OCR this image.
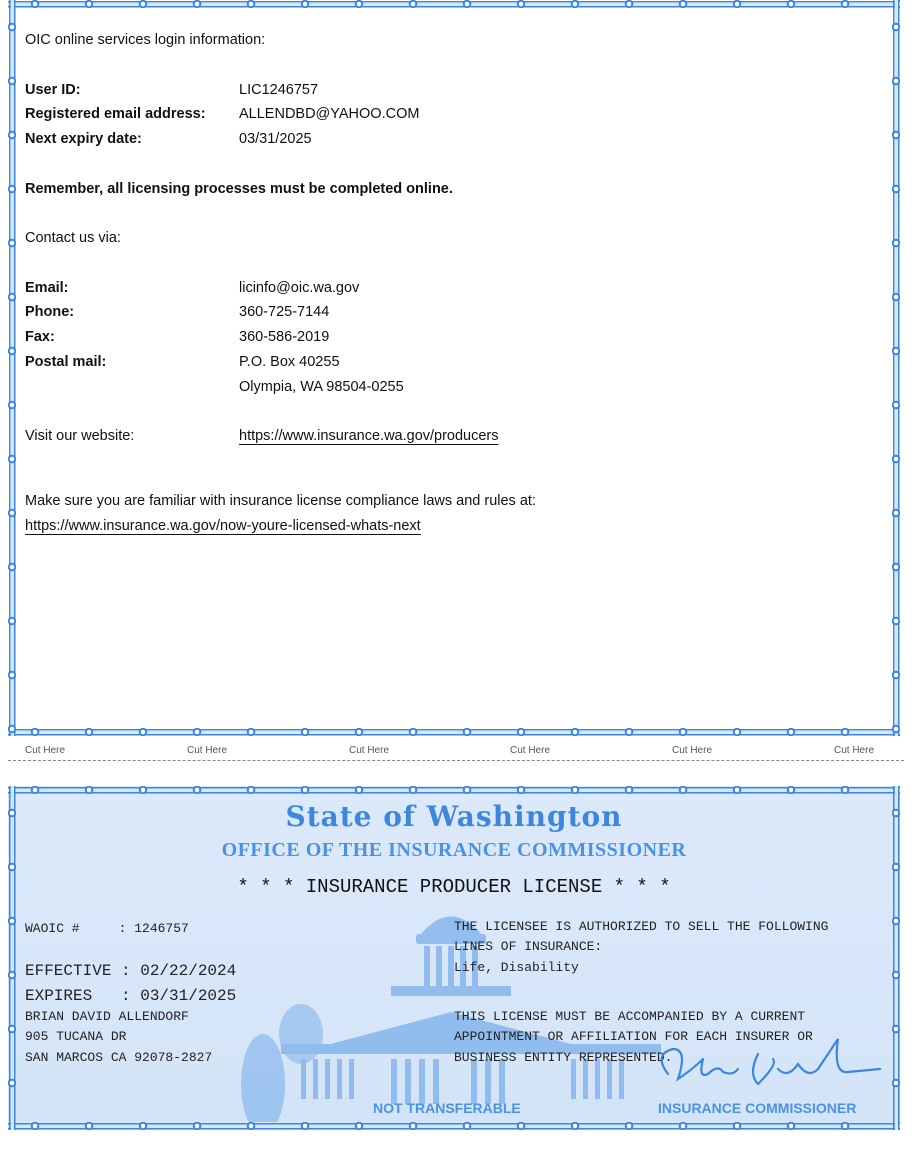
OIC online services login information:
User ID:	LIC1246757
Registered email address: ALLENDBD@YAHOO.COM
Next expiry date:	03/31/2025
Remember, all licensing processes must be completed online.
Contact us via:
Email:	licinfo@oic.wa.gov
Phone:	360-725-7144
Fax:	360-586-2019
Postal mail:	P.O. Box 40255
Olympia, WA 98504-0255
Visit our website:	https://www.insurance.wa.gov/producers
Make sure you are familiar with insurance license compliance laws and rules at:
https://www.insurance.wa.gov/now-youre-licensed-whats-next
Cut Here	Cut Here	Cut Here	Cut Here	Cut Here	Cut Here
State of Washington
OFFICE OF THE INSURANCE COMMISSIONER
* * * INSURANCE PRODUCER LICENSE * * *
WAOIC #     : 1246757
EFFECTIVE : 02/22/2024
EXPIRES   : 03/31/2025
BRIAN DAVID ALLENDORF
905 TUCANA DR
SAN MARCOS CA 92078-2827
THE LICENSEE IS AUTHORIZED TO SELL THE FOLLOWING
LINES OF INSURANCE:
Life, Disability
THIS LICENSE MUST BE ACCOMPANIED BY A CURRENT
APPOINTMENT OR AFFILIATION FOR EACH INSURER OR
BUSINESS ENTITY REPRESENTED.
NOT TRANSFERABLE	INSURANCE COMMISSIONER
